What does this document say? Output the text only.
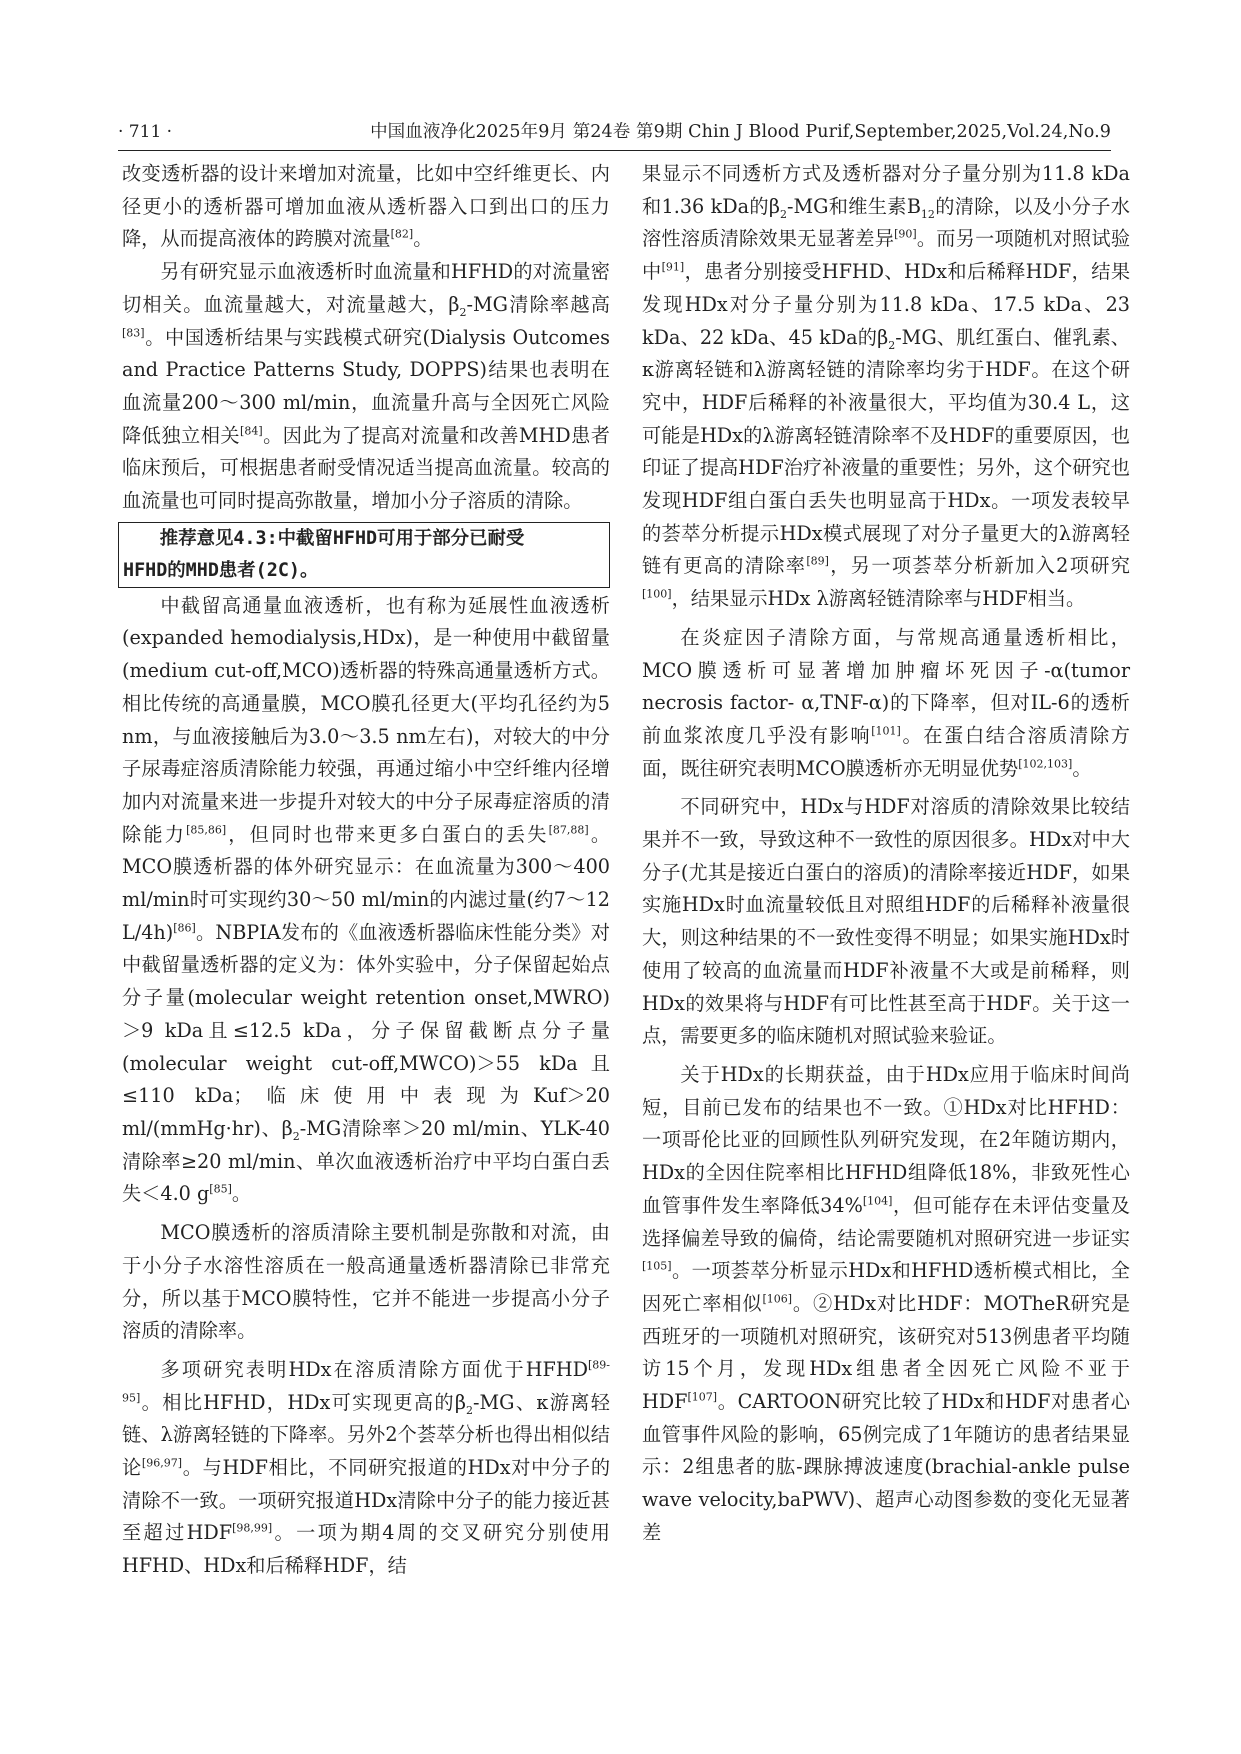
· 711 ·	中国血液净化2025年9月 第24卷 第9期 Chin J Blood Purif,September,2025,Vol.24,No.9

改变透析器的设计来增加对流量，比如中空纤维更长、内径更小的透析器可增加血液从透析器入口到出口的压力降，从而提高液体的跨膜对流量[82]。

另有研究显示血液透析时血流量和HFHD的对流量密切相关。血流量越大，对流量越大，$\beta_2-MG$清除率越高[83]。中国透析结果与实践模式研究(Dialysis Outcomes and Practice Patterns Study, DOPPS)结果也表明在血流量200～300 ml/min，血流量升高与全因死亡风险降低独立相关[84]。因此为了提高对流量和改善MHD患者临床预后，可根据患者耐受情况适当提高血流量。较高的血流量也可同时提高弥散量，增加小分子溶质的清除。

推荐意见4.3:中截留HFHD可用于部分已耐受
HFHD的MHD患者(2C)。

中截留高通量血液透析，也有称为延展性血液透析(expanded hemodialysis,HDx)，是一种使用中截留量(medium cut-off,MCO)透析器的特殊高通量透析方式。相比传统的高通量膜，MCO膜孔径更大(平均孔径约为5 nm，与血液接触后为3.0～3.5 nm左右)，对较大的中分子尿毒症溶质清除能力较强，再通过缩小中空纤维内径增加内对流量来进一步提升对较大的中分子尿毒症溶质的清除能力[85,86]，但同时也带来更多白蛋白的丢失[87,88]。MCO膜透析器的体外研究显示：在血流量为300～400 ml/min时可实现约30～50 ml/min的内滤过量(约7～12 L/4h)[86]。NBPIA发布的《血液透析器临床性能分类》对中截留量透析器的定义为：体外实验中，分子保留起始点分子量(molecular weight retention onset,MWRO)＞9 kDa且≤12.5 kDa，分子保留截断点分子量(molecular weight cut-off,MWCO)＞55 kDa且≤110 kDa；临床使用中表现为Kuf＞20 ml/(mmHg·hr)、$\beta_2-MG$清除率＞20 ml/min、YLK-40清除率≥20 ml/min、单次血液透析治疗中平均白蛋白丢失＜4.0 g[85]。

MCO膜透析的溶质清除主要机制是弥散和对流，由于小分子水溶性溶质在一般高通量透析器清除已非常充分，所以基于MCO膜特性，它并不能进一步提高小分子溶质的清除率。

多项研究表明HDx在溶质清除方面优于HFHD[89-95]。相比HFHD，HDx可实现更高的$\beta_2-MG$、κ游离轻链、λ游离轻链的下降率。另外2个荟萃分析也得出相似结论[96,97]。与HDF相比，不同研究报道的HDx对中分子的清除不一致。一项研究报道HDx清除中分子的能力接近甚至超过HDF[98,99]。一项为期4周的交叉研究分别使用HFHD、HDx和后稀释HDF，结

果显示不同透析方式及透析器对分子量分别为11.8 kDa和1.36 kDa的$\beta_2-MG$和维生素$B_{12}$的清除，以及小分子水溶性溶质清除效果无显著差异[90]。而另一项随机对照试验中[91]，患者分别接受HFHD、HDx和后稀释HDF，结果发现HDx对分子量分别为11.8 kDa、17.5 kDa、23 kDa、22 kDa、45 kDa的$\beta_2-MG$、肌红蛋白、催乳素、κ游离轻链和λ游离轻链的清除率均劣于HDF。在这个研究中，HDF后稀释的补液量很大，平均值为30.4 L，这可能是HDx的λ游离轻链清除率不及HDF的重要原因，也印证了提高HDF治疗补液量的重要性；另外，这个研究也发现HDF组白蛋白丢失也明显高于HDx。一项发表较早的荟萃分析提示HDx模式展现了对分子量更大的λ游离轻链有更高的清除率[89]，另一项荟萃分析新加入2项研究[100]，结果显示HDx λ游离轻链清除率与HDF相当。

在炎症因子清除方面，与常规高通量透析相比，MCO膜透析可显著增加肿瘤坏死因子-α(tumor necrosis factor- α,TNF-α)的下降率，但对IL-6的透析前血浆浓度几乎没有影响[101]。在蛋白结合溶质清除方面，既往研究表明MCO膜透析亦无明显优势[102,103]。

不同研究中，HDx与HDF对溶质的清除效果比较结果并不一致，导致这种不一致性的原因很多。HDx对中大分子(尤其是接近白蛋白的溶质)的清除率接近HDF，如果实施HDx时血流量较低且对照组HDF的后稀释补液量很大，则这种结果的不一致性变得不明显；如果实施HDx时使用了较高的血流量而HDF补液量不大或是前稀释，则HDx的效果将与HDF有可比性甚至高于HDF。关于这一点，需要更多的临床随机对照试验来验证。

关于HDx的长期获益，由于HDx应用于临床时间尚短，目前已发布的结果也不一致。①HDx对比HFHD：一项哥伦比亚的回顾性队列研究发现，在2年随访期内，HDx的全因住院率相比HFHD组降低18%，非致死性心血管事件发生率降低34%[104]，但可能存在未评估变量及选择偏差导致的偏倚，结论需要随机对照研究进一步证实[105]。一项荟萃分析显示HDx和HFHD透析模式相比，全因死亡率相似[106]。②HDx对比HDF：MOTheR研究是西班牙的一项随机对照研究，该研究对513例患者平均随访15个月，发现HDx组患者全因死亡风险不亚于HDF[107]。CARTOON研究比较了HDx和HDF对患者心血管事件风险的影响，65例完成了1年随访的患者结果显示：2组患者的肱-踝脉搏波速度(brachial-ankle pulse wave velocity,baPWV)、超声心动图参数的变化无显著差
